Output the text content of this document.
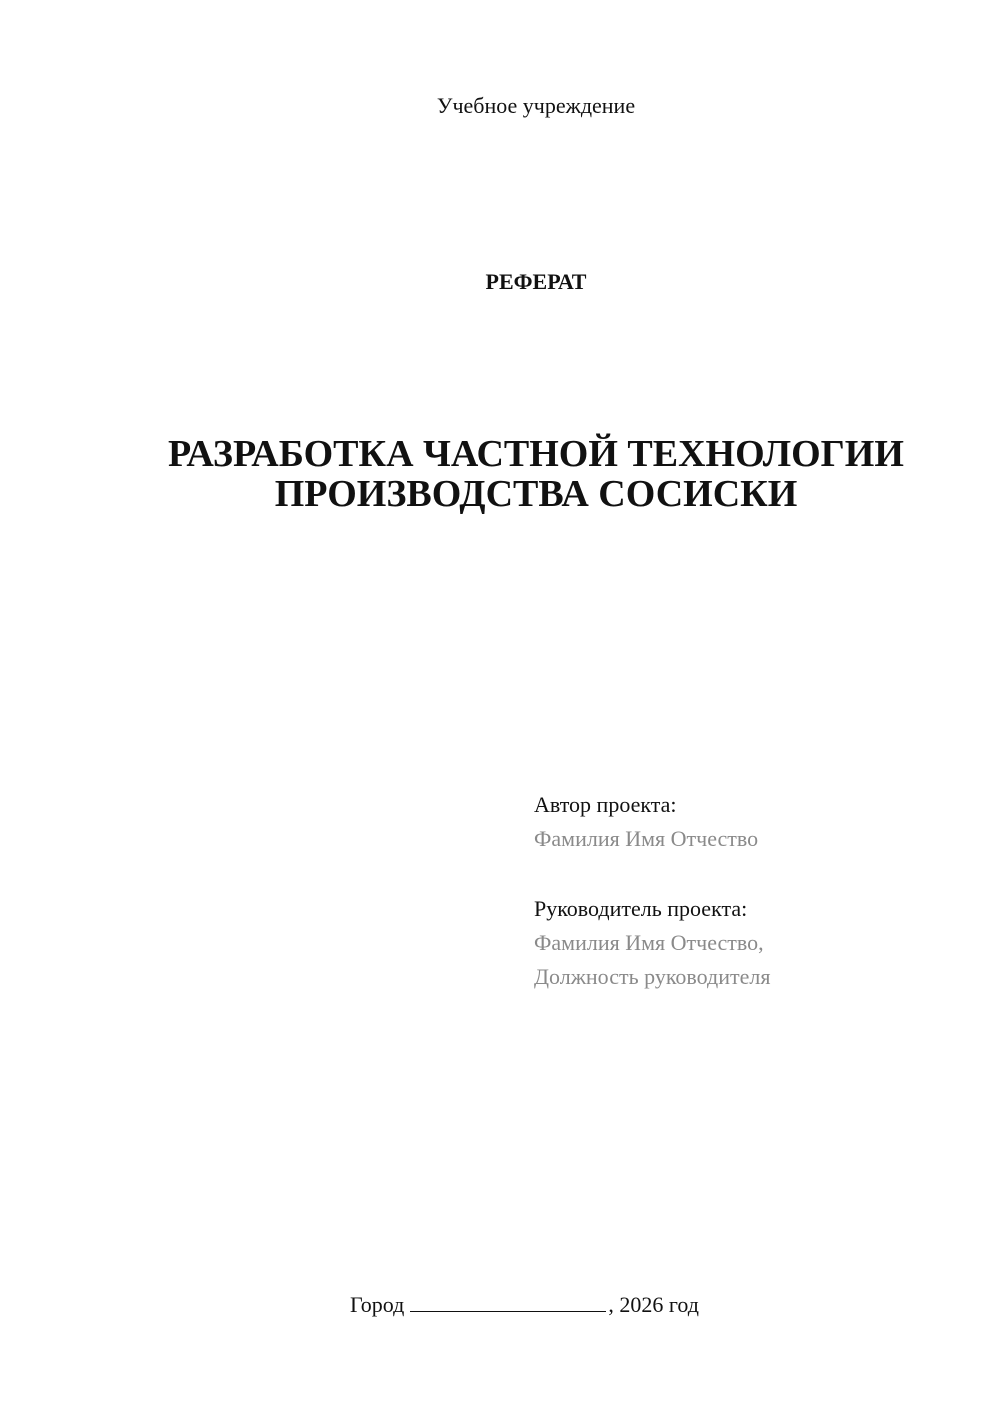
Учебное учреждение
РЕФЕРАТ
РАЗРАБОТКА ЧАСТНОЙ ТЕХНОЛОГИИ
ПРОИЗВОДСТВА СОСИСКИ
Автор проекта:
Фамилия Имя Отчество
Руководитель проекта:
Фамилия Имя Отчество,
Должность руководителя
Город	, 2026 год
